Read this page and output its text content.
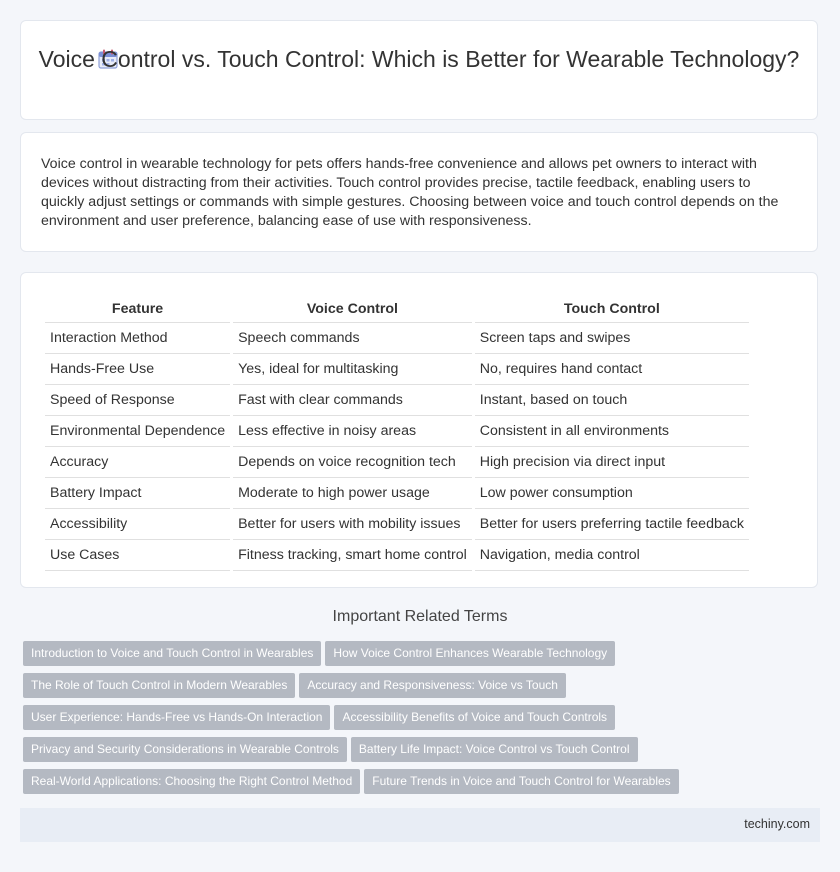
Voice Control vs. Touch Control: Which is Better for Wearable Technology?
Voice control in wearable technology for pets offers hands-free convenience and allows pet owners to interact with devices without distracting from their activities. Touch control provides precise, tactile feedback, enabling users to quickly adjust settings or commands with simple gestures. Choosing between voice and touch control depends on the environment and user preference, balancing ease of use with responsiveness.
Feature	Voice Control	Touch Control
Interaction Method	Speech commands	Screen taps and swipes
Hands-Free Use	Yes, ideal for multitasking	No, requires hand contact
Speed of Response	Fast with clear commands	Instant, based on touch
Environmental Dependence	Less effective in noisy areas	Consistent in all environments
Accuracy	Depends on voice recognition tech	High precision via direct input
Battery Impact	Moderate to high power usage	Low power consumption
Accessibility	Better for users with mobility issues	Better for users preferring tactile feedback
Use Cases	Fitness tracking, smart home control	Navigation, media control
Important Related Terms
Introduction to Voice and Touch Control in Wearables How Voice Control Enhances Wearable Technology
The Role of Touch Control in Modern Wearables Accuracy and Responsiveness: Voice vs Touch
User Experience: Hands-Free vs Hands-On Interaction Accessibility Benefits of Voice and Touch Controls
Privacy and Security Considerations in Wearable Controls Battery Life Impact: Voice Control vs Touch Control
Real-World Applications: Choosing the Right Control Method Future Trends in Voice and Touch Control for Wearables
techiny.com
